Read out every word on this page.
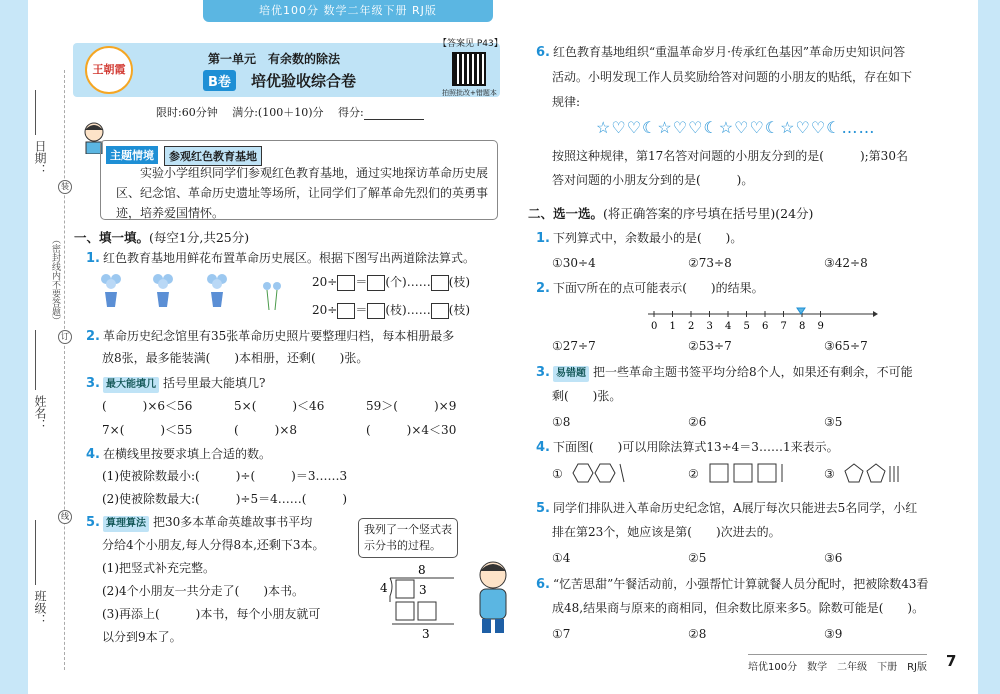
培优100分 数学二年级下册 RJ版
日期：
（密封线内不要答题）
姓名：
班级：
装
订
线
王朝霞
第一单元　有余数的除法
B卷	培优验收综合卷
【答案见 P43】
拍照批改+错题本
限时:60分钟　 满分:(100＋10)分　 得分:
主题情境	参观红色教育基地
实验小学组织同学们参观红色教育基地，通过实地探访革命历史展区、纪念馆、革命历史遗址等场所，让同学们了解革命先烈们的英勇事迹，培养爱国情怀。
一、填一填。(每空1分,共25分)
1. 红色教育基地用鲜花布置革命历史展区。根据下图写出两道除法算式。
20÷ ＝ (个)…… (枝)
20÷ ＝ (枝)…… (枝)
2. 革命历史纪念馆里有35张革命历史照片要整理归档，每本相册最多
放8张，最多能装满(　　)本相册，还剩(　　)张。
3. 最大能填几 括号里最大能填几?
(　　　)×6＜56	5×(　　　)＜46	59＞(　　　)×9
7×(　　　)＜55	(　　　)×8	(　　　)×4＜30
4. 在横线里按要求填上合适的数。
(1)使被除数最小:(　　　)÷(　　　)＝3……3
(2)使被除数最大:(　　　)÷5＝4……(　　　)
5. 算理算法 把30多本革命英雄故事书平均
分给4个小朋友,每人分得8本,还剩下3本。
(1)把竖式补充完整。
(2)4个小朋友一共分走了(　　)本书。
(3)再添上(　　　)本书，每个小朋友就可
以分到9本了。
我列了一个竖式表示分书的过程。
8
4	3
3
6. 红色教育基地组织“重温革命岁月·传承红色基因”革命历史知识问答
活动。小明发现工作人员奖励给答对问题的小朋友的贴纸，存在如下
规律:
☆♡♡☾☆♡♡☾☆♡♡☾☆♡♡☾……
按照这种规律，第17名答对问题的小朋友分到的是(　　　);第30名
答对问题的小朋友分到的是(　　　)。
二、选一选。(将正确答案的序号填在括号里)(24分)
1. 下列算式中，余数最小的是(　　)。
①30÷4	②73÷8	③42÷8
2. 下面▽所在的点可能表示(　　)的结果。
0 1 2 3 4 5 6 7 8 9
①27÷7	②53÷7	③65÷7
3. 易错题 把一些革命主题书签平均分给8个人，如果还有剩余，不可能
剩(　　)张。
①8	②6	③5
4. 下面图(　　)可以用除法算式13÷4＝3……1来表示。
①	②	③
5. 同学们排队进入革命历史纪念馆，A展厅每次只能进去5名同学，小红
排在第23个，她应该是第(　　)次进去的。
①4	②5	③6
6. “忆苦思甜”午餐活动前，小强帮忙计算就餐人员分配时，把被除数43看
成48,结果商与原来的商相同，但余数比原来多5。除数可能是(　　)。
①7	②8	③9
培优100分　数学　二年级　下册　RJ版 7
